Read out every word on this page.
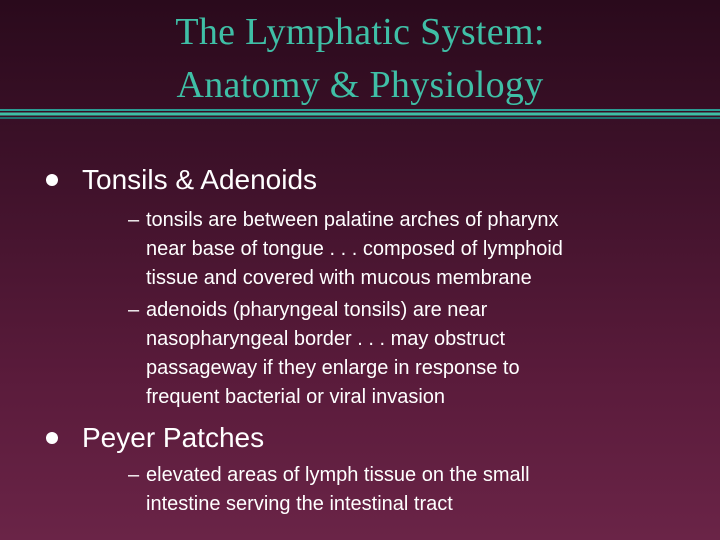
The Lymphatic System:
Anatomy & Physiology
Tonsils & Adenoids
– tonsils are between palatine arches of pharynx
near base of tongue . . . composed of lymphoid
tissue and covered with mucous membrane
– adenoids (pharyngeal tonsils) are near
nasopharyngeal border . . . may obstruct
passageway if they enlarge in response to
frequent bacterial or viral invasion
Peyer Patches
– elevated areas of lymph tissue on the small
intestine serving the intestinal tract
